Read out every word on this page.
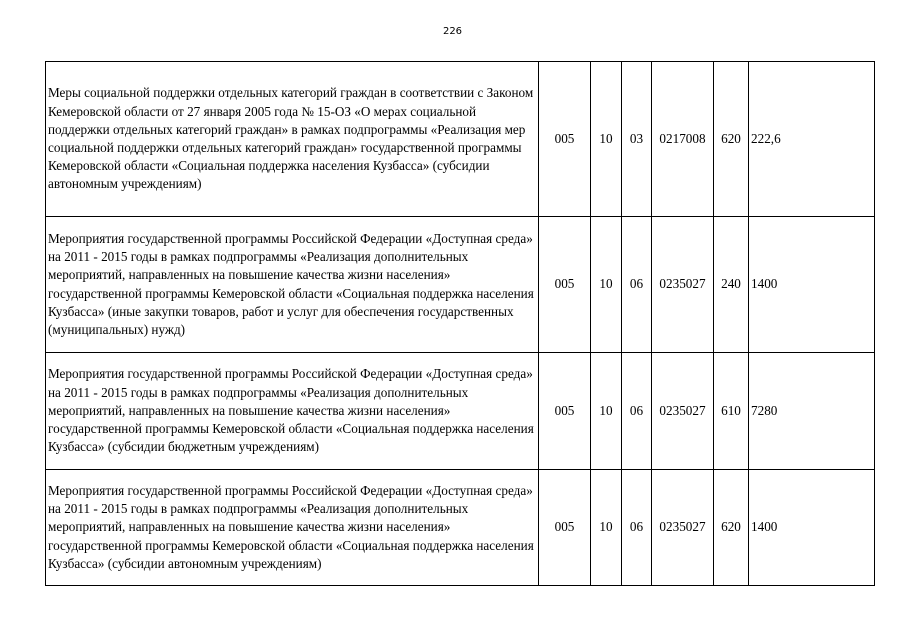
226
Меры социальной поддержки отдельных категорий граждан в соответствии с Законом Кемеровской области от 27 января 2005 года № 15-ОЗ «О мерах социальной поддержки отдельных категорий граждан» в рамках подпрограммы «Реализация мер социальной поддержки отдельных категорий граждан» государственной программы Кемеровской области «Социальная поддержка населения Кузбасса» (субсидии автономным учреждениям)	005	10	03	0217008	620	222,6
Мероприятия государственной программы Российской Федерации «Доступная среда» на 2011 - 2015 годы в рамках подпрограммы «Реализация дополнительных мероприятий, направленных на повышение качества жизни населения» государственной программы Кемеровской области «Социальная поддержка населения Кузбасса» (иные закупки товаров, работ и услуг для обеспечения государственных (муниципальных) нужд)	005	10	06	0235027	240	1400
Мероприятия государственной программы Российской Федерации «Доступная среда» на 2011 - 2015 годы в рамках подпрограммы «Реализация дополнительных мероприятий, направленных на повышение качества жизни населения» государственной программы Кемеровской области «Социальная поддержка населения Кузбасса» (субсидии бюджетным учреждениям)	005	10	06	0235027	610	7280
Мероприятия государственной программы Российской Федерации «Доступная среда» на 2011 - 2015 годы в рамках подпрограммы «Реализация дополнительных мероприятий, направленных на повышение качества жизни населения» государственной программы Кемеровской области «Социальная поддержка населения Кузбасса» (субсидии автономным учреждениям)	005	10	06	0235027	620	1400
